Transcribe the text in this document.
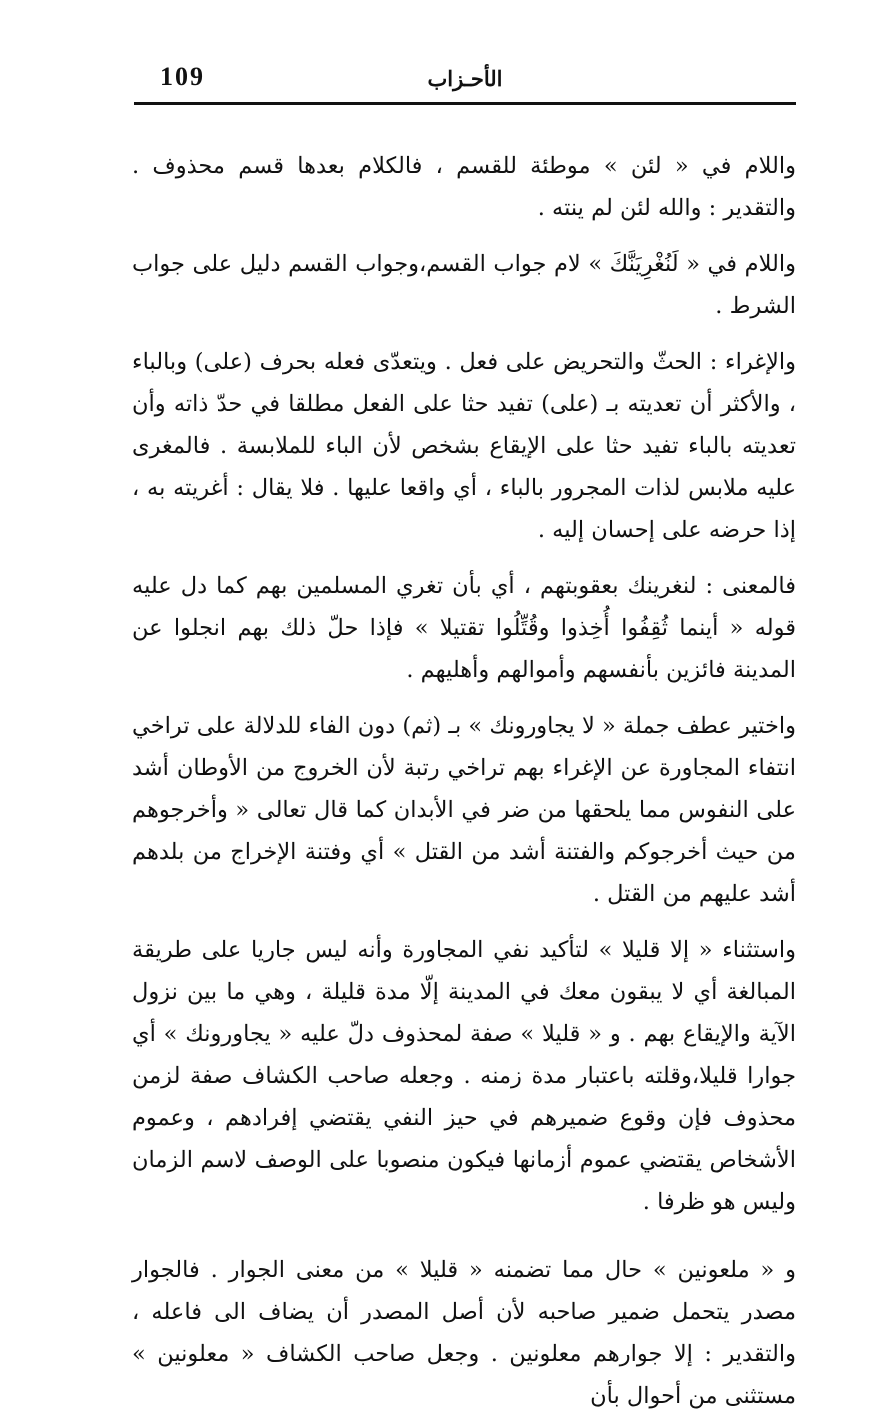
109	الأحـزاب

واللام في « لئن » موطئة للقسم ، فالكلام بعدها قسم محذوف . والتقدير : والله لئن لم ينته .

واللام في « لَنُغْرِيَنَّكَ » لام جواب القسم،وجواب القسم دليل على جواب الشرط .

والإغراء : الحثّ والتحريض على فعل . ويتعدّى فعله بحرف (على) وبالباء ، والأكثر أن تعديته بـ (على) تفيد حثا على الفعل مطلقا في حدّ ذاته وأن تعديته بالباء تفيد حثا على الإيقاع بشخص لأن الباء للملابسة . فالمغرى عليه ملابس لذات المجرور بالباء ، أي واقعا عليها . فلا يقال : أغريته به ، إذا حرضه على إحسان إليه .

فالمعنى : لنغرينك بعقوبتهم ، أي بأن تغري المسلمين بهم كما دل عليه قوله « أينما ثُقِفُوا أُخِذوا وقُتِّلُوا تقتيلا » فإذا حلّ ذلك بهم انجلوا عن المدينة فائزين بأنفسهم وأموالهم وأهليهم .

واختير عطف جملة « لا يجاورونك » بـ (ثم) دون الفاء للدلالة على تراخي انتفاء المجاورة عن الإغراء بهم تراخي رتبة لأن الخروج من الأوطان أشد على النفوس مما يلحقها من ضر في الأبدان كما قال تعالى « وأخرجوهم من حيث أخرجوكم والفتنة أشد من القتل » أي وفتنة الإخراج من بلدهم أشد عليهم من القتل .

واستثناء « إلا قليلا » لتأكيد نفي المجاورة وأنه ليس جاريا على طريقة المبالغة أي لا يبقون معك في المدينة إلّا مدة قليلة ، وهي ما بين نزول الآية والإيقاع بهم . و « قليلا » صفة لمحذوف دلّ عليه « يجاورونك » أي جوارا قليلا،وقلته باعتبار مدة زمنه . وجعله صاحب الكشاف صفة لزمن محذوف فإن وقوع ضميرهم في حيز النفي يقتضي إفرادهم ، وعموم الأشخاص يقتضي عموم أزمانها فيكون منصوبا على الوصف لاسم الزمان وليس هو ظرفا .

و « ملعونين » حال مما تضمنه « قليلا » من معنى الجوار . فالجوار مصدر يتحمل ضمير صاحبه لأن أصل المصدر أن يضاف الى فاعله ، والتقدير : إلا جوارهم معلونين . وجعل صاحب الكشاف « معلونين » مستثنى من أحوال بأن
